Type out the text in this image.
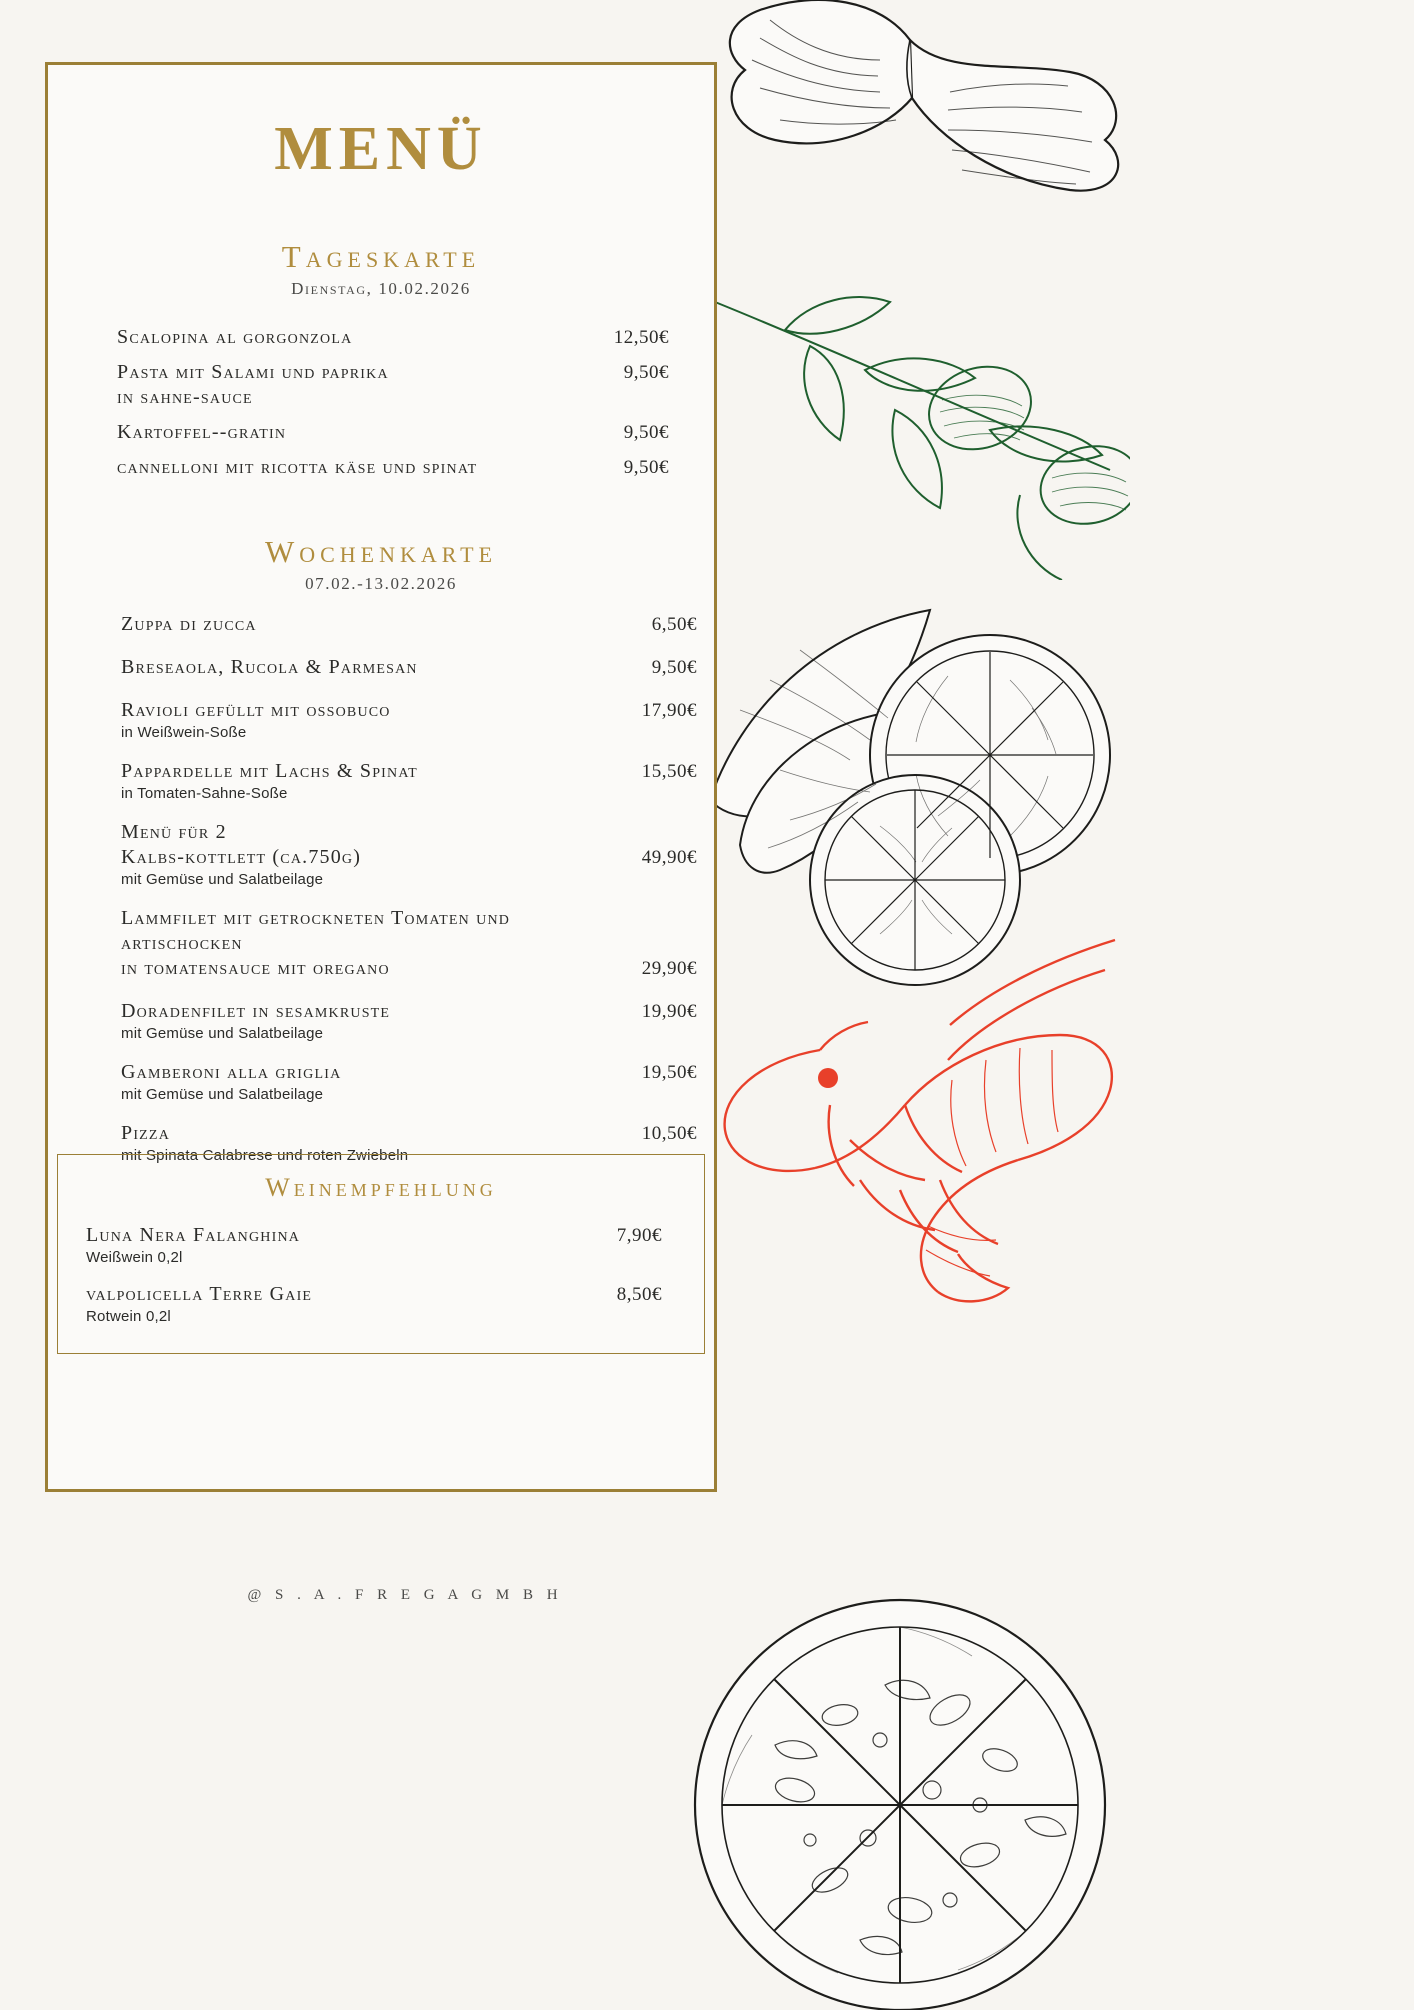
MENÜ
Tageskarte
Dienstag, 10.02.2026
Scalopina al gorgonzola	12,50€
Pasta mit Salami und paprika	9,50€
in sahne-sauce
Kartoffel--gratin	9,50€
cannelloni mit ricotta käse und spinat	9,50€
Wochenkarte
07.02.-13.02.2026
Zuppa di zucca	6,50€
Breseaola, Rucola & Parmesan	9,50€
Ravioli gefüllt mit ossobuco	17,90€
in Weißwein-Soße
Pappardelle mit Lachs & Spinat	15,50€
in Tomaten-Sahne-Soße
Menü für 2
Kalbs-kottlett (ca.750g)	49,90€
mit Gemüse und Salatbeilage
Lammfilet mit getrockneten Tomaten und artischocken
in tomatensauce mit oregano	29,90€
Doradenfilet in sesamkruste	19,90€
mit Gemüse und Salatbeilage
Gamberoni alla griglia	19,50€
mit Gemüse und Salatbeilage
Pizza	10,50€
mit Spinata Calabrese und roten Zwiebeln
Weinempfehlung
Luna Nera Falanghina	7,90€
Weißwein 0,2l
valpolicella Terre Gaie	8,50€
Rotwein 0,2l
@ S . A . F R E G A G M B H
